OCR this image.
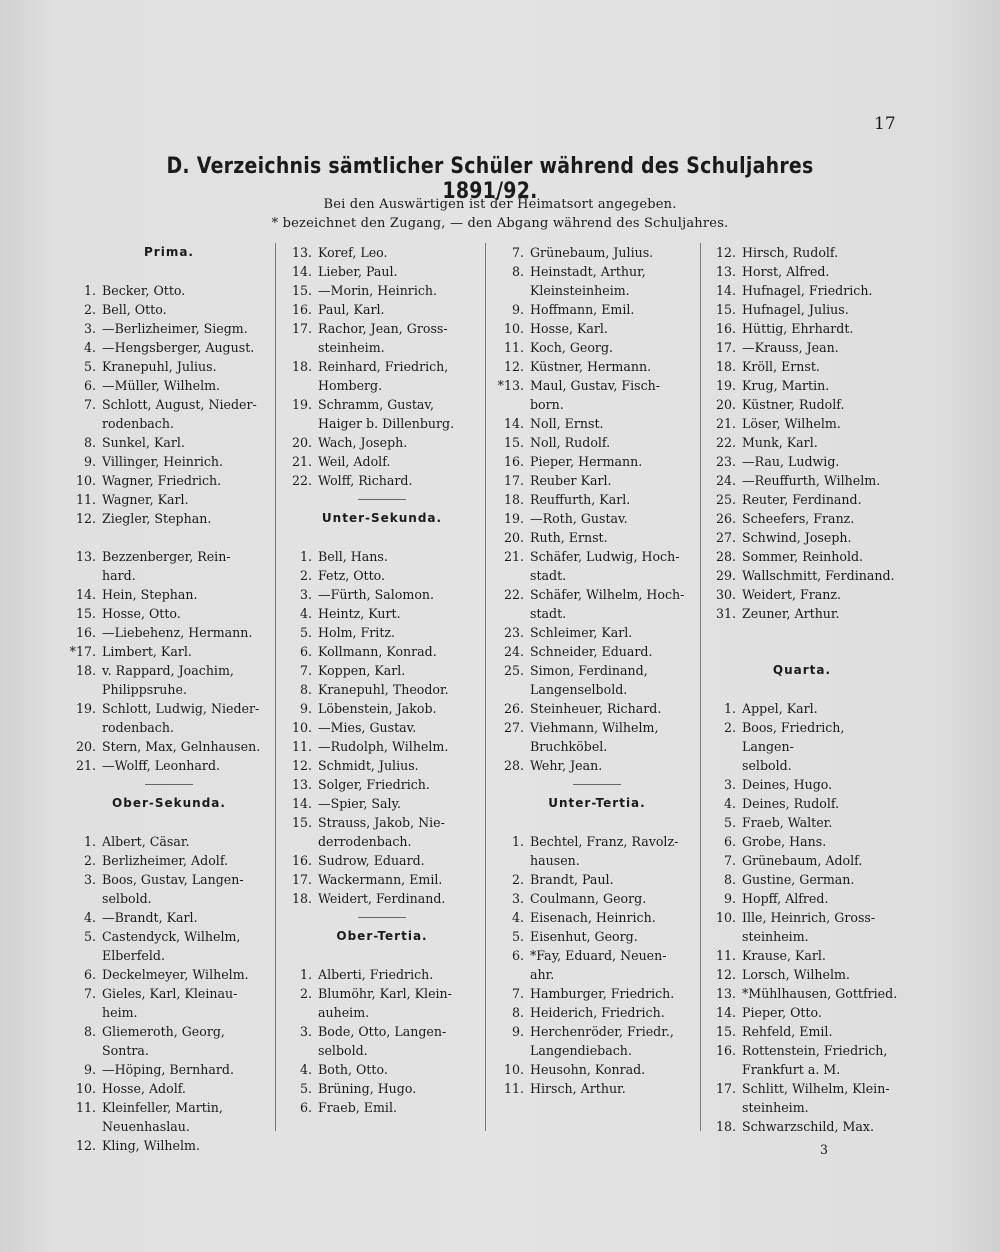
17
D. Verzeichnis sämtlicher Schüler während des Schuljahres 1891/92.
Bei den Auswärtigen ist der Heimatsort angegeben.
* bezeichnet den Zugang, — den Abgang während des Schuljahres.
Prima.
1. Becker, Otto.
2. Bell, Otto.
3. —Berlizheimer, Siegm.
4. —Hengsberger, August.
5. Kranepuhl, Julius.
6. —Müller, Wilhelm.
7. Schlott, August, Nieder-
rodenbach.
8. Sunkel, Karl.
9. Villinger, Heinrich.
10. Wagner, Friedrich.
11. Wagner, Karl.
12. Ziegler, Stephan.
13. Bezzenberger, Rein-
hard.
14. Hein, Stephan.
15. Hosse, Otto.
16. —Liebehenz, Hermann.
*17. Limbert, Karl.
18. v. Rappard, Joachim,
Philippsruhe.
19. Schlott, Ludwig, Nieder-
rodenbach.
20. Stern, Max, Gelnhausen.
21. —Wolff, Leonhard.
Ober-Sekunda.
1. Albert, Cäsar.
2. Berlizheimer, Adolf.
3. Boos, Gustav, Langen-
selbold.
4. —Brandt, Karl.
5. Castendyck, Wilhelm,
Elberfeld.
6. Deckelmeyer, Wilhelm.
7. Gieles, Karl, Kleinau-
heim.
8. Gliemeroth, Georg,
Sontra.
9. —Höping, Bernhard.
10. Hosse, Adolf.
11. Kleinfeller, Martin,
Neuenhaslau.
12. Kling, Wilhelm.
13. Koref, Leo.
14. Lieber, Paul.
15. —Morin, Heinrich.
16. Paul, Karl.
17. Rachor, Jean, Gross-
steinheim.
18. Reinhard, Friedrich,
Homberg.
19. Schramm, Gustav,
Haiger b. Dillenburg.
20. Wach, Joseph.
21. Weil, Adolf.
22. Wolff, Richard.
Unter-Sekunda.
1. Bell, Hans.
2. Fetz, Otto.
3. —Fürth, Salomon.
4. Heintz, Kurt.
5. Holm, Fritz.
6. Kollmann, Konrad.
7. Koppen, Karl.
8. Kranepuhl, Theodor.
9. Löbenstein, Jakob.
10. —Mies, Gustav.
11. —Rudolph, Wilhelm.
12. Schmidt, Julius.
13. Solger, Friedrich.
14. —Spier, Saly.
15. Strauss, Jakob, Nie-
derrodenbach.
16. Sudrow, Eduard.
17. Wackermann, Emil.
18. Weidert, Ferdinand.
Ober-Tertia.
1. Alberti, Friedrich.
2. Blumöhr, Karl, Klein-
auheim.
3. Bode, Otto, Langen-
selbold.
4. Both, Otto.
5. Brüning, Hugo.
6. Fraeb, Emil.
7. Grünebaum, Julius.
8. Heinstadt, Arthur,
Kleinsteinheim.
9. Hoffmann, Emil.
10. Hosse, Karl.
11. Koch, Georg.
12. Küstner, Hermann.
*13. Maul, Gustav, Fisch-
born.
14. Noll, Ernst.
15. Noll, Rudolf.
16. Pieper, Hermann.
17. Reuber Karl.
18. Reuffurth, Karl.
19. —Roth, Gustav.
20. Ruth, Ernst.
21. Schäfer, Ludwig, Hoch-
stadt.
22. Schäfer, Wilhelm, Hoch-
stadt.
23. Schleimer, Karl.
24. Schneider, Eduard.
25. Simon, Ferdinand,
Langenselbold.
26. Steinheuer, Richard.
27. Viehmann, Wilhelm,
Bruchköbel.
28. Wehr, Jean.
Unter-Tertia.
1. Bechtel, Franz, Ravolz-
hausen.
2. Brandt, Paul.
3. Coulmann, Georg.
4. Eisenach, Heinrich.
5. Eisenhut, Georg.
6. *Fay, Eduard, Neuen-
ahr.
7. Hamburger, Friedrich.
8. Heiderich, Friedrich.
9. Herchenröder, Friedr.,
Langendiebach.
10. Heusohn, Konrad.
11. Hirsch, Arthur.
12. Hirsch, Rudolf.
13. Horst, Alfred.
14. Hufnagel, Friedrich.
15. Hufnagel, Julius.
16. Hüttig, Ehrhardt.
17. —Krauss, Jean.
18. Kröll, Ernst.
19. Krug, Martin.
20. Küstner, Rudolf.
21. Löser, Wilhelm.
22. Munk, Karl.
23. —Rau, Ludwig.
24. —Reuffurth, Wilhelm.
25. Reuter, Ferdinand.
26. Scheefers, Franz.
27. Schwind, Joseph.
28. Sommer, Reinhold.
29. Wallschmitt, Ferdinand.
30. Weidert, Franz.
31. Zeuner, Arthur.
Quarta.
1. Appel, Karl.
2. Boos, Friedrich, Langen-
selbold.
3. Deines, Hugo.
4. Deines, Rudolf.
5. Fraeb, Walter.
6. Grobe, Hans.
7. Grünebaum, Adolf.
8. Gustine, German.
9. Hopff, Alfred.
10. Ille, Heinrich, Gross-
steinheim.
11. Krause, Karl.
12. Lorsch, Wilhelm.
13. *Mühlhausen, Gottfried.
14. Pieper, Otto.
15. Rehfeld, Emil.
16. Rottenstein, Friedrich,
Frankfurt a. M.
17. Schlitt, Wilhelm, Klein-
steinheim.
18. Schwarzschild, Max.
3
